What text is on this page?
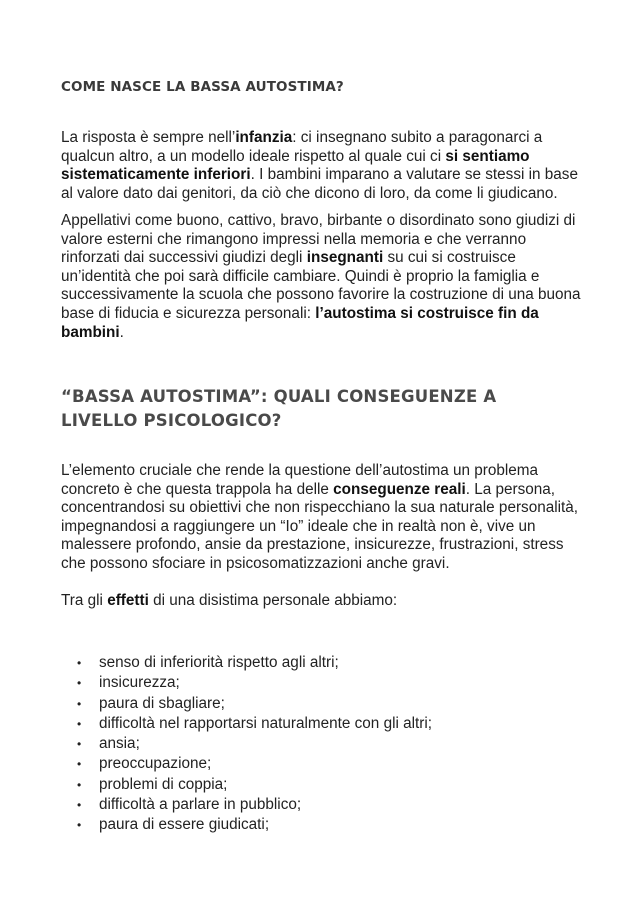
COME NASCE LA BASSA AUTOSTIMA?

La risposta è sempre nell’infanzia: ci insegnano subito a paragonarci a qualcun altro, a un modello ideale rispetto al quale cui ci si sentiamo sistematicamente inferiori. I bambini imparano a valutare se stessi in base al valore dato dai genitori, da ciò che dicono di loro, da come li giudicano.

Appellativi come buono, cattivo, bravo, birbante o disordinato sono giudizi di valore esterni che rimangono impressi nella memoria e che verranno rinforzati dai successivi giudizi degli insegnanti su cui si costruisce un’identità che poi sarà difficile cambiare. Quindi è proprio la famiglia e successivamente la scuola che possono favorire la costruzione di una buona base di fiducia e sicurezza personali: l’autostima si costruisce fin da bambini.

“BASSA AUTOSTIMA”: QUALI CONSEGUENZE A LIVELLO PSICOLOGICO?

L’elemento cruciale che rende la questione dell’autostima un problema concreto è che questa trappola ha delle conseguenze reali. La persona, concentrandosi su obiettivi che non rispecchiano la sua naturale personalità, impegnandosi a raggiungere un “Io” ideale che in realtà non è, vive un malessere profondo, ansie da prestazione, insicurezze, frustrazioni, stress che possono sfociare in psicosomatizzazioni anche gravi.

Tra gli effetti di una disistima personale abbiamo:

• senso di inferiorità rispetto agli altri;
• insicurezza;
• paura di sbagliare;
• difficoltà nel rapportarsi naturalmente con gli altri;
• ansia;
• preoccupazione;
• problemi di coppia;
• difficoltà a parlare in pubblico;
• paura di essere giudicati;
